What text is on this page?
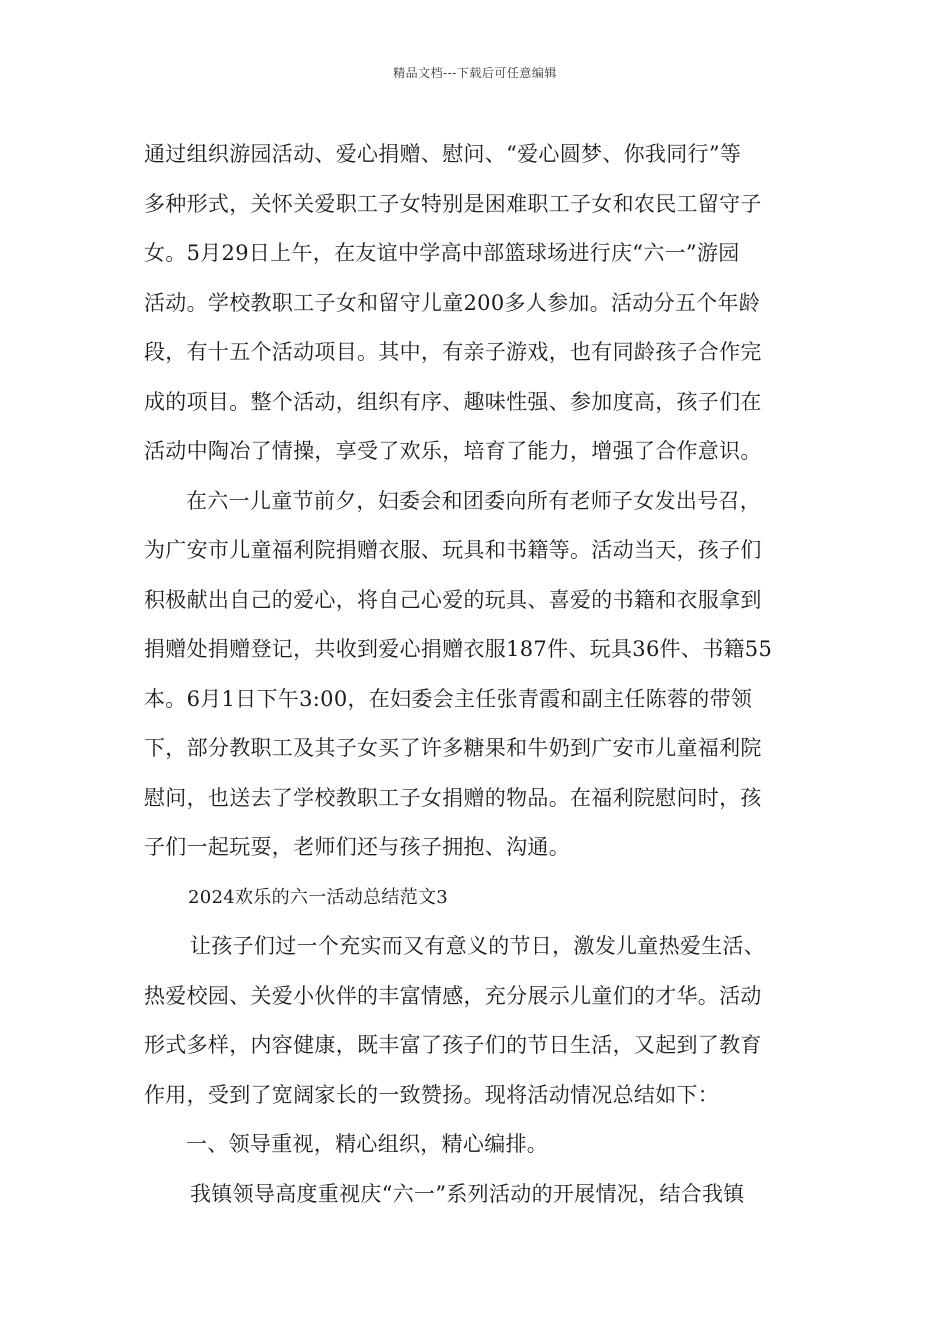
精品文档---下载后可任意编辑
通过组织游园活动、爱心捐赠、慰问、“爱心圆梦、你我同行”等
多种形式，关怀关爱职工子女特别是困难职工子女和农民工留守子
女。5月29日上午，在友谊中学高中部篮球场进行庆“六一”游园
活动。学校教职工子女和留守儿童200多人参加。活动分五个年龄
段，有十五个活动项目。其中，有亲子游戏，也有同龄孩子合作完
成的项目。整个活动，组织有序、趣味性强、参加度高，孩子们在
活动中陶冶了情操，享受了欢乐，培育了能力，增强了合作意识。
在六一儿童节前夕，妇委会和团委向所有老师子女发出号召，
为广安市儿童福利院捐赠衣服、玩具和书籍等。活动当天，孩子们
积极献出自己的爱心，将自己心爱的玩具、喜爱的书籍和衣服拿到
捐赠处捐赠登记，共收到爱心捐赠衣服187件、玩具36件、书籍55
本。6月1日下午3:00，在妇委会主任张青霞和副主任陈蓉的带领
下，部分教职工及其子女买了许多糖果和牛奶到广安市儿童福利院
慰问，也送去了学校教职工子女捐赠的物品。在福利院慰问时，孩
子们一起玩耍，老师们还与孩子拥抱、沟通。
2024欢乐的六一活动总结范文3
让孩子们过一个充实而又有意义的节日，激发儿童热爱生活、
热爱校园、关爱小伙伴的丰富情感，充分展示儿童们的才华。活动
形式多样，内容健康，既丰富了孩子们的节日生活，又起到了教育
作用，受到了宽阔家长的一致赞扬。现将活动情况总结如下：
一、领导重视，精心组织，精心编排。
我镇领导高度重视庆“六一”系列活动的开展情况，结合我镇
